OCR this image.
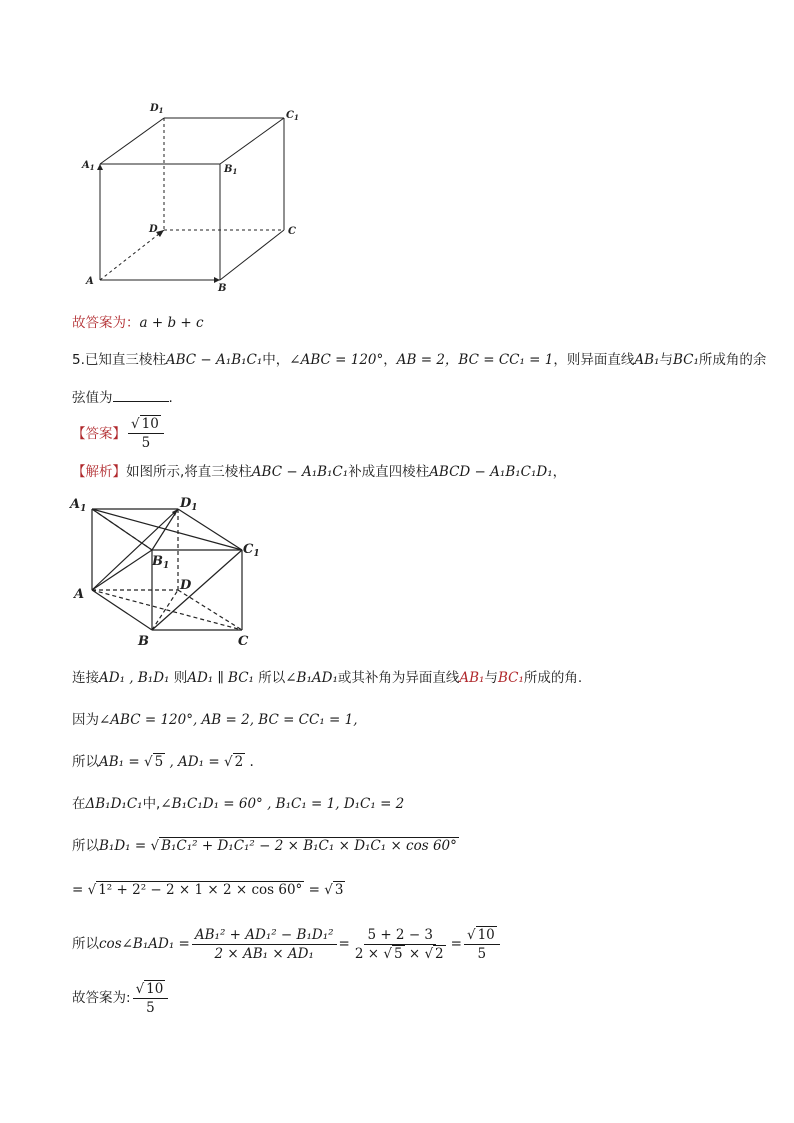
A
B
C
D
$A_1$	$B_1$
$C_1$
$D_1$
故答案为：a + b + c
5.已知直三棱柱ABC − A₁B₁C₁中，∠ABC = 120°，AB = 2，BC = CC₁ = 1，则异面直线AB₁与BC₁所成角的余
弦值为	.
【答案】 $\frac{√ 10}{5}$
【解析】如图所示,将直三棱柱ABC − A₁B₁C₁补成直四棱柱ABCD − A₁B₁C₁D₁，
A
B	C
D
$A_1$
$B_1$
$C_1$
$D_1$
连接AD₁ , B₁D₁ 则AD₁ ∥ BC₁ 所以∠B₁AD₁或其补角为异面直线AB₁与BC₁所成的角.
因为∠ABC = 120°, AB = 2, BC = CC₁ = 1,
所以AB₁ = √ 5 , AD₁ = √ 2 .
在ΔB₁D₁C₁中,∠B₁C₁D₁ = 60° , B₁C₁ = 1, D₁C₁ = 2
所以B₁D₁ = √ B₁C₁² + D₁C₁² − 2 × B₁C₁ × D₁C₁ × cos 60°
= √ 1² + 2² − 2 × 1 × 2 × cos 60° = √ 3
所以 cos∠B₁AD₁ = $\frac{\text{AB₁² + AD₁² − B₁D₁²}}{\text{2 × AB₁ × AD₁}} = \frac{5 + 2 - 3}{2 \times √ 5 \times √ 2} = \frac{√ 10}{5}$
故答案为: $\frac{√ 10}{5}$
